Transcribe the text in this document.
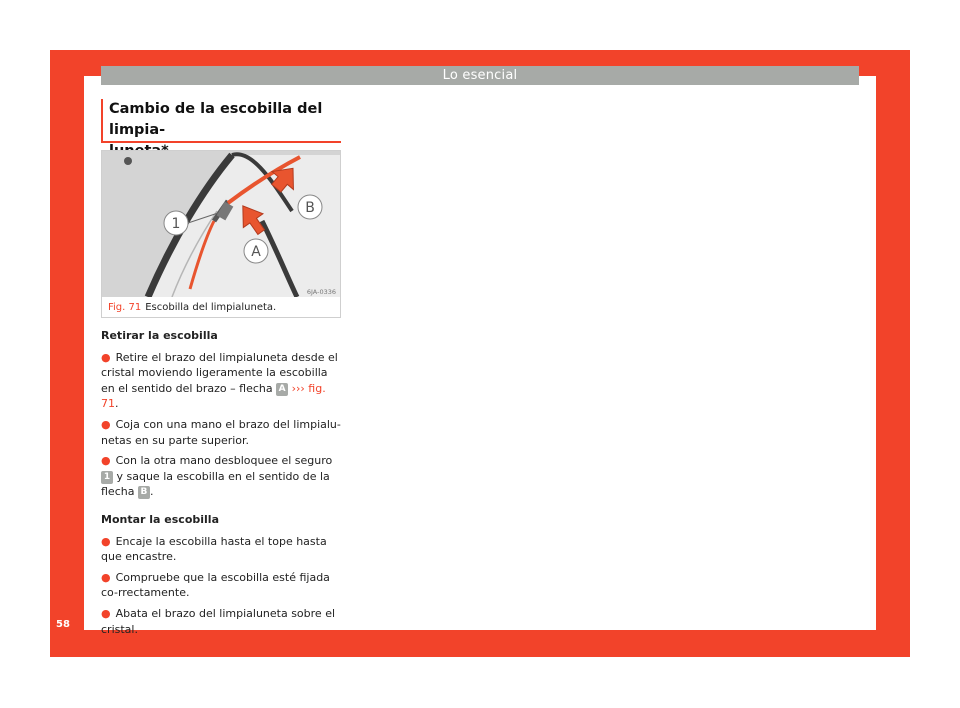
Lo esencial
Cambio de la escobilla del limpia-
1
A
B
6JA-0336
Fig. 71 Escobilla del limpialuneta.
Retirar la escobilla

● Retire el brazo del limpialuneta desde el cristal moviendo ligeramente la escobilla en el sentido del brazo – flecha A ››› fig. 71.

● Coja con una mano el brazo del limpialu-netas en su parte superior.

● Con la otra mano desbloquee el seguro 1 y saque la escobilla en el sentido de la flecha B .

Montar la escobilla

● Encaje la escobilla hasta el tope hasta que encastre.

● Compruebe que la escobilla esté fijada co-rrectamente.

● Abata el brazo del limpialuneta sobre el cristal.

58
